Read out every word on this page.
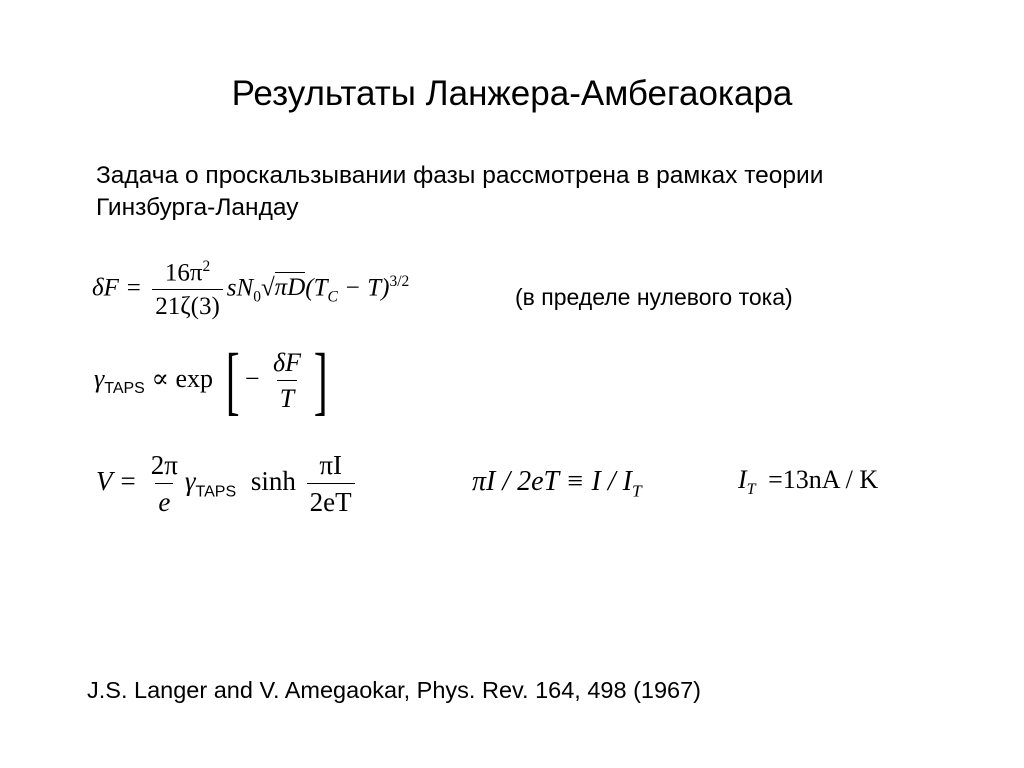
Результаты Ланжера-Амбегаокара
Задача о проскальзывании фазы рассмотрена в рамках теории
Гинзбурга-Ландау
$\delta F = \frac{16\pi^2}{21\zeta(3)} sN_0√\pi D(T_C - T)^{3/2}$
(в пределе нулевого тока)
$\gamma_{TAPS} \propto \exp$ [ − $\frac{\delta F}{T}$ ]
$V = \frac{2\pi}{e} \gamma_{TAPS}$ $\sinh \frac{\pi I}{2eT}$	$\pi I / 2eT \equiv I / I_T$	$I_T =13nA / K$
J.S. Langer and V. Amegaokar, Phys. Rev. 164, 498 (1967)
